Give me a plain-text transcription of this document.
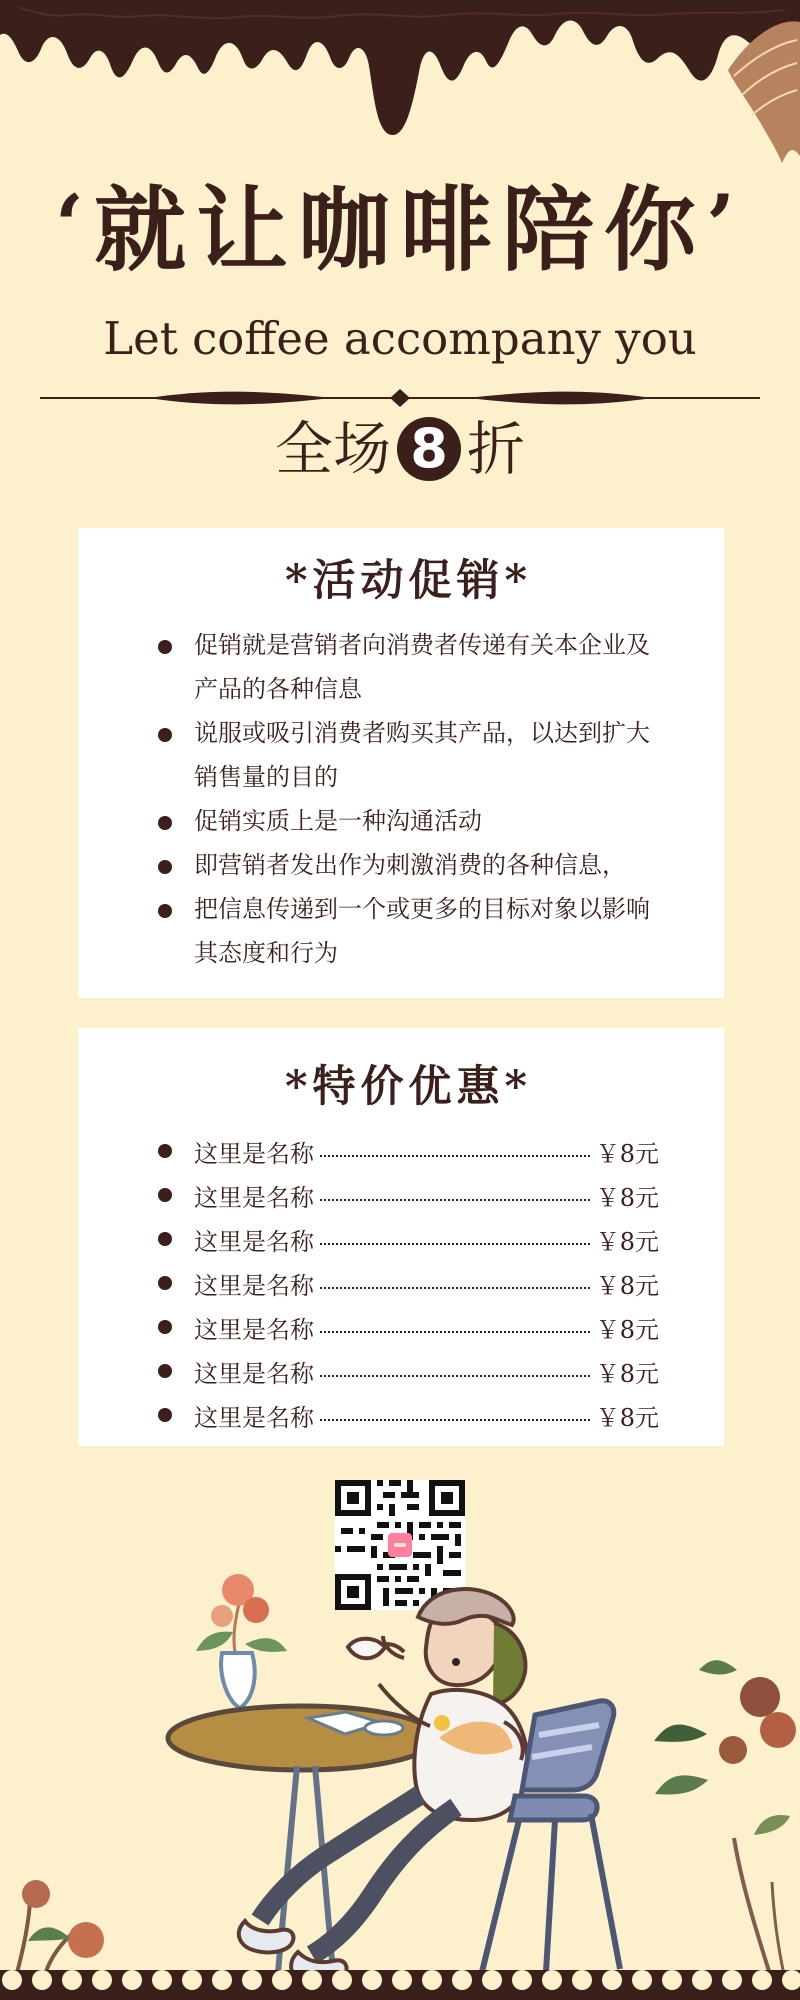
‘就让咖啡陪你’
Let coffee accompany you
全场 8 折
*活动促销*
促销就是营销者向消费者传递有关本企业及产品的各种信息
说服或吸引消费者购买其产品，以达到扩大销售量的目的
促销实质上是一种沟通活动
即营销者发出作为刺激消费的各种信息，
把信息传递到一个或更多的目标对象以影响其态度和行为
*特价优惠*
这里是名称	￥8元
这里是名称	￥8元
这里是名称	￥8元
这里是名称	￥8元
这里是名称	￥8元
这里是名称	￥8元
这里是名称	￥8元
